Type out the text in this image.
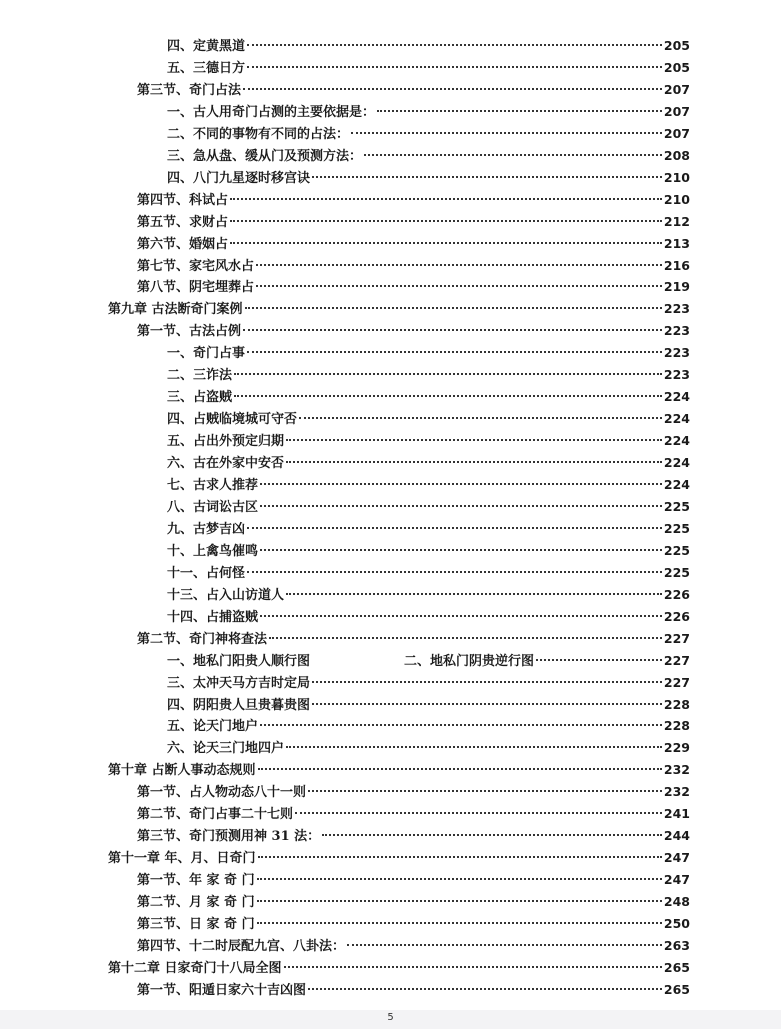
四、定黄黑道	205
五、三德日方	205
第三节、奇门占法	207
一、古人用奇门占测的主要依据是：	207
二、不同的事物有不同的占法：	207
三、急从盘、缓从门及预测方法：	208
四、八门九星逐时移宫诀	210
第四节、科试占	210
第五节、求财占	212
第六节、婚姻占	213
第七节、家宅风水占	216
第八节、阴宅埋葬占	219
第九章 古法断奇门案例	223
第一节、古法占例	223
一、奇门占事	223
二、三诈法	223
三、占盗贼	224
四、占贼临境城可守否	224
五、占出外预定归期	224
六、古在外家中安否	224
七、古求人推荐	224
八、古词讼古区	225
九、古梦吉凶	225
十、上禽鸟催鸣	225
十一、占何怪	225
十三、占入山访道人	226
十四、占捕盗贼	226
第二节、奇门神将查法	227
一、地私门阳贵人顺行图	二、地私门阴贵逆行图	227
三、太冲天马方吉时定局	227
四、阴阳贵人旦贵暮贵图	228
五、论天门地户	228
六、论天三门地四户	229
第十章 占断人事动态规则	232
第一节、占人物动态八十一则	232
第二节、奇门占事二十七则	241
第三节、奇门预测用神 31 法：	244
第十一章 年、月、日奇门	247
第一节、年 家 奇 门	247
第二节、月 家 奇 门	248
第三节、日 家 奇 门	250
第四节、十二时辰配九宫、八卦法：	263
第十二章 日家奇门十八局全图	265
第一节、阳遁日家六十吉凶图	265
5
